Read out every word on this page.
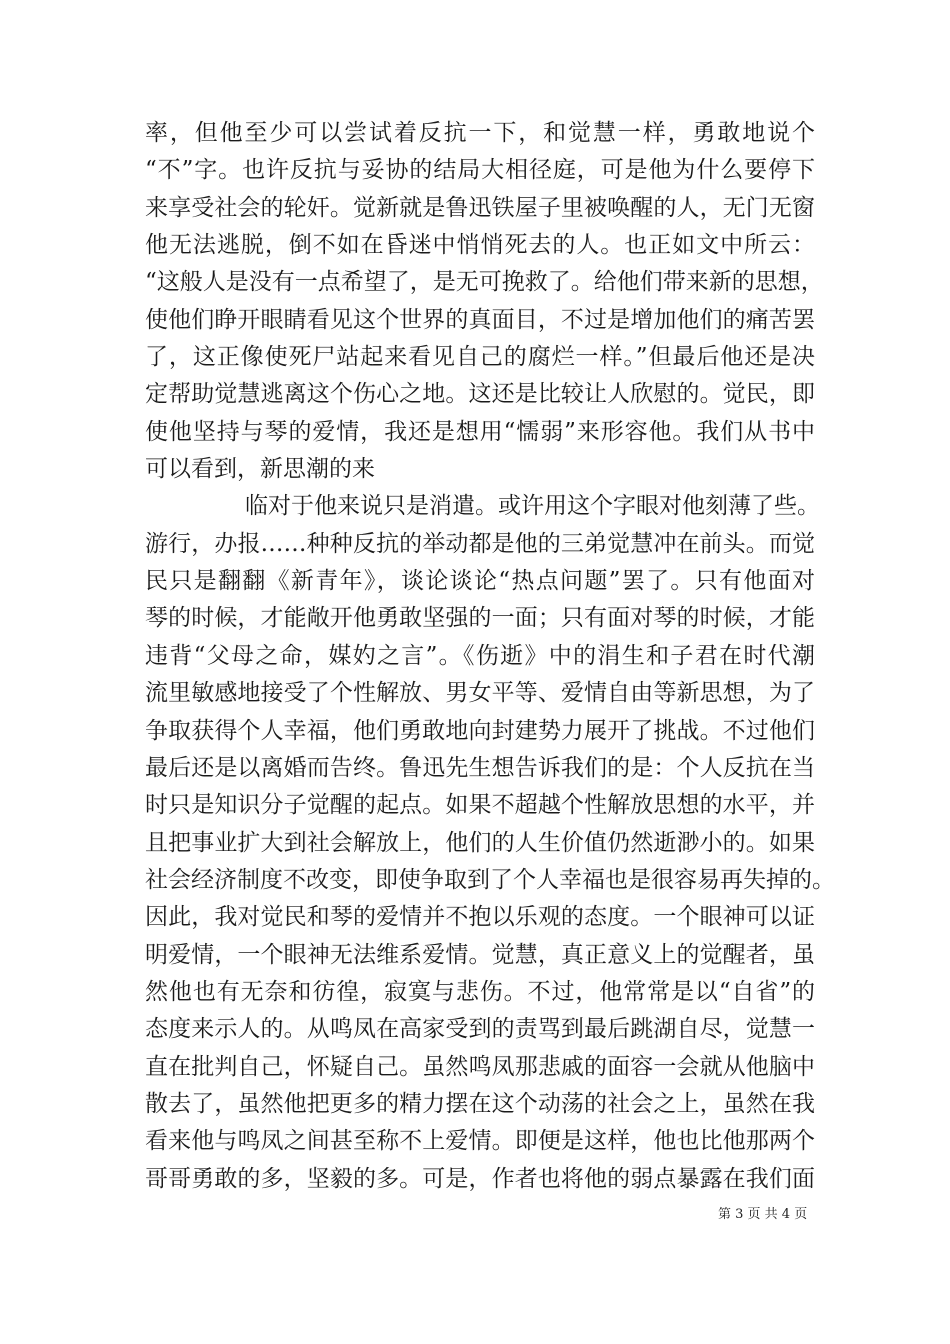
率，但他至少可以尝试着反抗一下，和觉慧一样，勇敢地说个
“不”字。也许反抗与妥协的结局大相径庭，可是他为什么要停下
来享受社会的轮奸。觉新就是鲁迅铁屋子里被唤醒的人，无门无窗
他无法逃脱，倒不如在昏迷中悄悄死去的人。也正如文中所云：
“这般人是没有一点希望了，是无可挽救了。给他们带来新的思想，
使他们睁开眼睛看见这个世界的真面目，不过是增加他们的痛苦罢
了，这正像使死尸站起来看见自己的腐烂一样。”但最后他还是决
定帮助觉慧逃离这个伤心之地。这还是比较让人欣慰的。觉民，即
使他坚持与琴的爱情，我还是想用“懦弱”来形容他。我们从书中
可以看到，新思潮的来
临对于他来说只是消遣。或许用这个字眼对他刻薄了些。
游行，办报……种种反抗的举动都是他的三弟觉慧冲在前头。而觉
民只是翻翻《新青年》，谈论谈论“热点问题”罢了。只有他面对
琴的时候，才能敞开他勇敢坚强的一面；只有面对琴的时候，才能
违背“父母之命，媒妁之言”。《伤逝》中的涓生和子君在时代潮
流里敏感地接受了个性解放、男女平等、爱情自由等新思想，为了
争取获得个人幸福，他们勇敢地向封建势力展开了挑战。不过他们
最后还是以离婚而告终。鲁迅先生想告诉我们的是：个人反抗在当
时只是知识分子觉醒的起点。如果不超越个性解放思想的水平，并
且把事业扩大到社会解放上，他们的人生价值仍然逝渺小的。如果
社会经济制度不改变，即使争取到了个人幸福也是很容易再失掉的。
因此，我对觉民和琴的爱情并不抱以乐观的态度。一个眼神可以证
明爱情，一个眼神无法维系爱情。觉慧，真正意义上的觉醒者，虽
然他也有无奈和彷徨，寂寞与悲伤。不过，他常常是以“自省”的
态度来示人的。从鸣凤在高家受到的责骂到最后跳湖自尽，觉慧一
直在批判自己，怀疑自己。虽然鸣凤那悲戚的面容一会就从他脑中
散去了，虽然他把更多的精力摆在这个动荡的社会之上，虽然在我
看来他与鸣凤之间甚至称不上爱情。即便是这样，他也比他那两个
哥哥勇敢的多，坚毅的多。可是，作者也将他的弱点暴露在我们面
第 3 页 共 4 页
